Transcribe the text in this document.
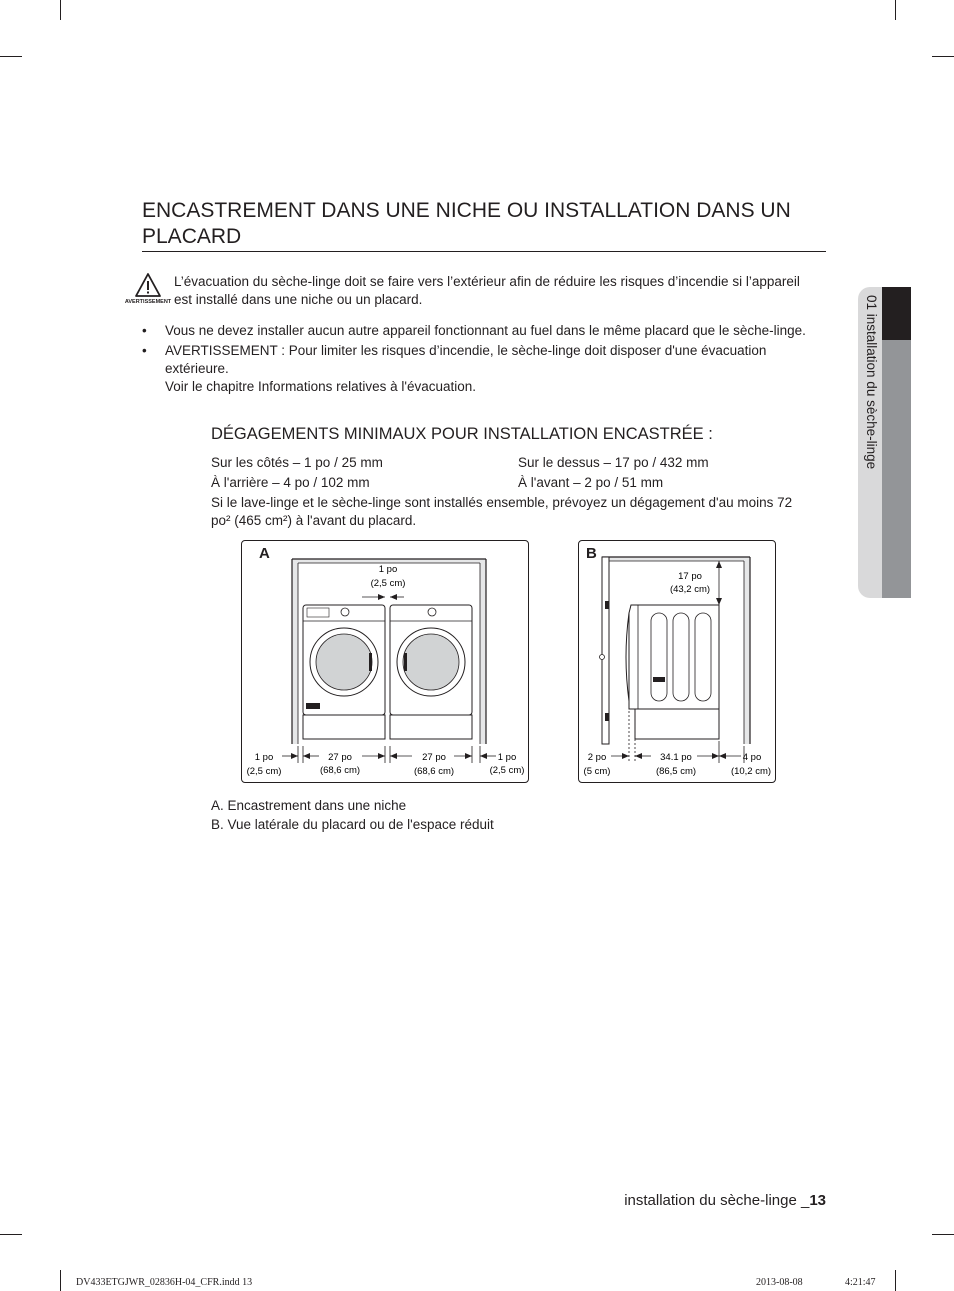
01 installation du sèche-linge
ENCASTREMENT DANS UNE NICHE OU INSTALLATION DANS UN PLACARD
AVERTISSEMENT
L’évacuation du sèche-linge doit se faire vers l’extérieur afin de réduire les risques d’incendie si l’appareil est installé dans une niche ou un placard.
• Vous ne devez installer aucun autre appareil fonctionnant au fuel dans le même placard que le sèche-linge.
• AVERTISSEMENT : Pour limiter les risques d’incendie, le sèche-linge doit disposer d'une évacuation extérieure.
Voir le chapitre Informations relatives à l'évacuation.
DÉGAGEMENTS MINIMAUX POUR INSTALLATION ENCASTRÉE :
Sur les côtés – 1 po / 25 mm
À l'arrière – 4 po / 102 mm
Sur le dessus – 17 po / 432 mm
À l'avant – 2 po / 51 mm
Si le lave-linge et le sèche-linge sont installés ensemble, prévoyez un dégagement d'au moins 72 po² (465 cm²) à l'avant du placard.
A
1 po
(2,5 cm)
1 po
(2,5 cm)
27 po
(68,6 cm)
27 po
(68,6 cm)
1 po
(2,5 cm)
B
17 po
(43,2 cm)
2 po
(5 cm)
34.1 po
(86,5 cm)
4 po
(10,2 cm)
A. Encastrement dans une niche
B. Vue latérale du placard ou de l'espace réduit
installation du sèche-linge _13
DV433ETGJWR_02836H-04_CFR.indd 13	2013-08-08	4:21:47
